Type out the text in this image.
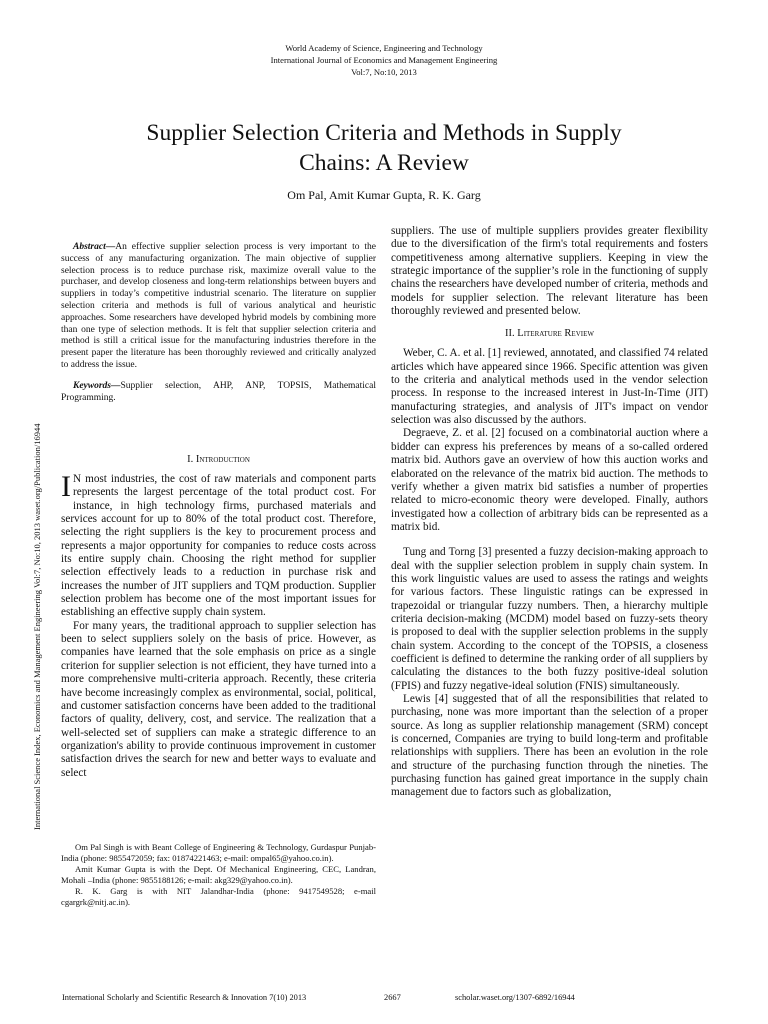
World Academy of Science, Engineering and Technology
International Journal of Economics and Management Engineering
Vol:7, No:10, 2013
Supplier Selection Criteria and Methods in Supply
Chains: A Review
Om Pal, Amit Kumar Gupta, R. K. Garg
International Science Index, Economics and Management Engineering Vol:7, No:10, 2013 waset.org/Publication/16944

Abstract—An effective supplier selection process is very important to the success of any manufacturing organization. The main objective of supplier selection process is to reduce purchase risk, maximize overall value to the purchaser, and develop closeness and long-term relationships between buyers and suppliers in today’s competitive industrial scenario. The literature on supplier selection criteria and methods is full of various analytical and heuristic approaches. Some researchers have developed hybrid models by combining more than one type of selection methods. It is felt that supplier selection criteria and method is still a critical issue for the manufacturing industries therefore in the present paper the literature has been thoroughly reviewed and critically analyzed to address the issue.

Keywords—Supplier selection, AHP, ANP, TOPSIS, Mathematical Programming.

I. Introduction

I N most industries, the cost of raw materials and component parts represents the largest percentage of the total product cost. For instance, in high technology firms, purchased materials and services account for up to 80% of the total product cost. Therefore, selecting the right suppliers is the key to procurement process and represents a major opportunity for companies to reduce costs across its entire supply chain. Choosing the right method for supplier selection effectively leads to a reduction in purchase risk and increases the number of JIT suppliers and TQM production. Supplier selection problem has become one of the most important issues for establishing an effective supply chain system.

For many years, the traditional approach to supplier selection has been to select suppliers solely on the basis of price. However, as companies have learned that the sole emphasis on price as a single criterion for supplier selection is not efficient, they have turned into a more comprehensive multi-criteria approach. Recently, these criteria have become increasingly complex as environmental, social, political, and customer satisfaction concerns have been added to the traditional factors of quality, delivery, cost, and service. The realization that a well-selected set of suppliers can make a strategic difference to an organization's ability to provide continuous improvement in customer satisfaction drives the search for new and better ways to evaluate and select

Om Pal Singh is with Beant College of Engineering & Technology, Gurdaspur Punjab-India (phone: 9855472059; fax: 01874221463; e-mail: ompal65@yahoo.co.in).

Amit Kumar Gupta is with the Dept. Of Mechanical Engineering, CEC, Landran, Mohali –India (phone: 9855188126; e-mail: akg329@yahoo.co.in).

R. K. Garg is with NIT Jalandhar-India (phone: 9417549528; e-mail cgargrk@nitj.ac.in).

suppliers. The use of multiple suppliers provides greater flexibility due to the diversification of the firm's total requirements and fosters competitiveness among alternative suppliers. Keeping in view the strategic importance of the supplier’s role in the functioning of supply chains the researchers have developed number of criteria, methods and models for supplier selection. The relevant literature has been thoroughly reviewed and presented below.

II. Literature Review

Weber, C. A. et al. [1] reviewed, annotated, and classified 74 related articles which have appeared since 1966. Specific attention was given to the criteria and analytical methods used in the vendor selection process. In response to the increased interest in Just-In-Time (JIT) manufacturing strategies, and analysis of JIT's impact on vendor selection was also discussed by the authors.

Degraeve, Z. et al. [2] focused on a combinatorial auction where a bidder can express his preferences by means of a so-called ordered matrix bid. Authors gave an overview of how this auction works and elaborated on the relevance of the matrix bid auction. The methods to verify whether a given matrix bid satisfies a number of properties related to micro-economic theory were developed. Finally, authors investigated how a collection of arbitrary bids can be represented as a matrix bid.

Tung and Torng [3] presented a fuzzy decision-making approach to deal with the supplier selection problem in supply chain system. In this work linguistic values are used to assess the ratings and weights for various factors. These linguistic ratings can be expressed in trapezoidal or triangular fuzzy numbers. Then, a hierarchy multiple criteria decision-making (MCDM) model based on fuzzy-sets theory is proposed to deal with the supplier selection problems in the supply chain system. According to the concept of the TOPSIS, a closeness coefficient is defined to determine the ranking order of all suppliers by calculating the distances to the both fuzzy positive-ideal solution (FPIS) and fuzzy negative-ideal solution (FNIS) simultaneously.

Lewis [4] suggested that of all the responsibilities that related to purchasing, none was more important than the selection of a proper source. As long as supplier relationship management (SRM) concept is concerned, Companies are trying to build long-term and profitable relationships with suppliers. There has been an evolution in the role and structure of the purchasing function through the nineties. The purchasing function has gained great importance in the supply chain management due to factors such as globalization,

International Scholarly and Scientific Research & Innovation 7(10) 2013	2667	scholar.waset.org/1307-6892/16944
